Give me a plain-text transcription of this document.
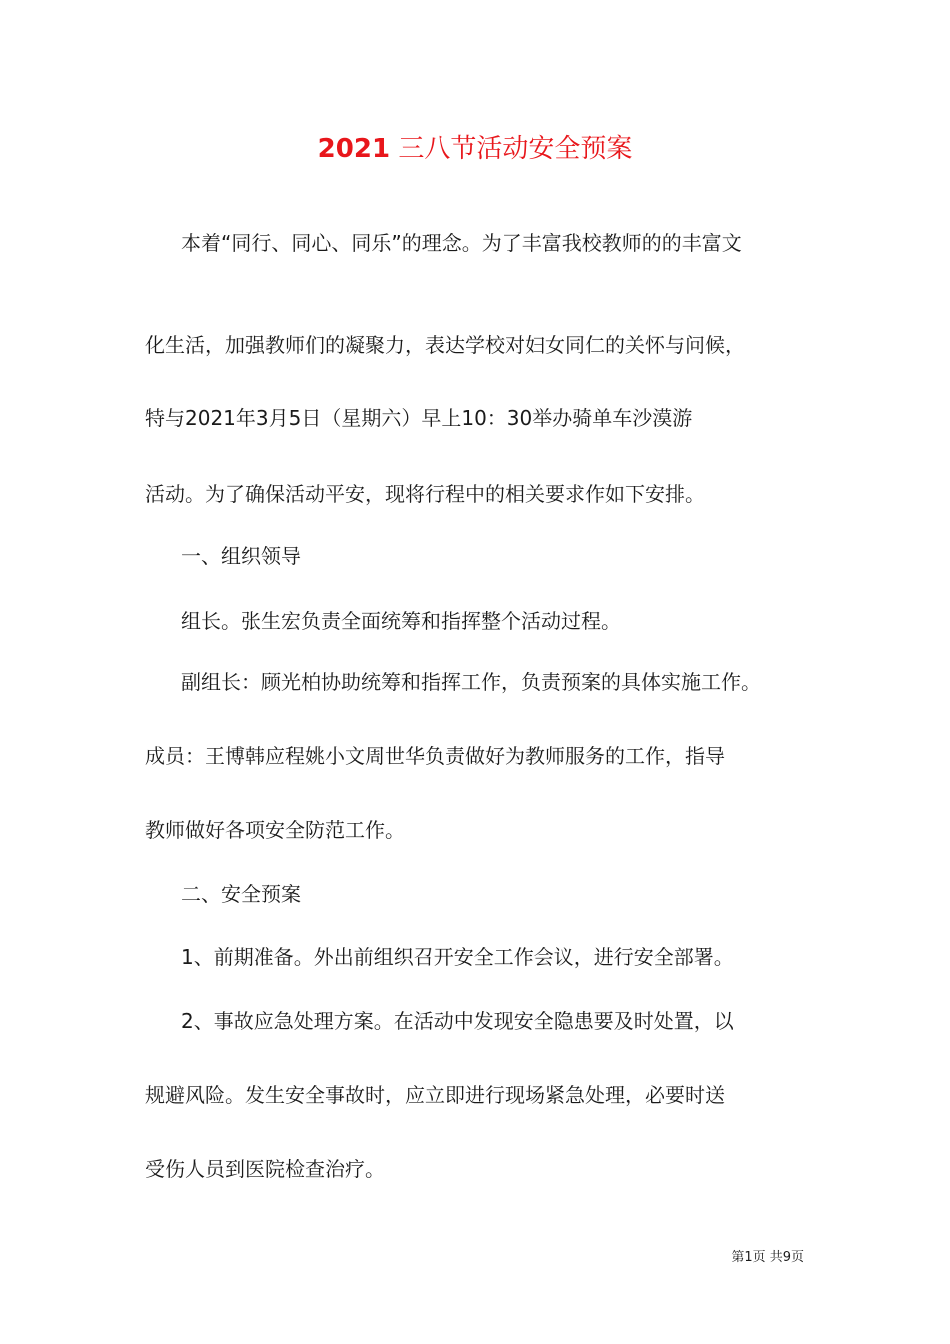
2021 三八节活动安全预案

本着“同行、同心、同乐”的理念。为了丰富我校教师的的丰富文

化生活，加强教师们的凝聚力，表达学校对妇女同仁的关怀与问候，

特与2021年3月5日（星期六）早上10：30举办骑单车沙漠游

活动。为了确保活动平安，现将行程中的相关要求作如下安排。

一、组织领导

组长。张生宏负责全面统筹和指挥整个活动过程。

副组长：顾光柏协助统筹和指挥工作，负责预案的具体实施工作。

成员：王博韩应程姚小文周世华负责做好为教师服务的工作，指导

教师做好各项安全防范工作。

二、安全预案

1、前期准备。外出前组织召开安全工作会议，进行安全部署。

2、事故应急处理方案。在活动中发现安全隐患要及时处置，以

规避风险。发生安全事故时，应立即进行现场紧急处理，必要时送

受伤人员到医院检查治疗。

第1页 共9页
